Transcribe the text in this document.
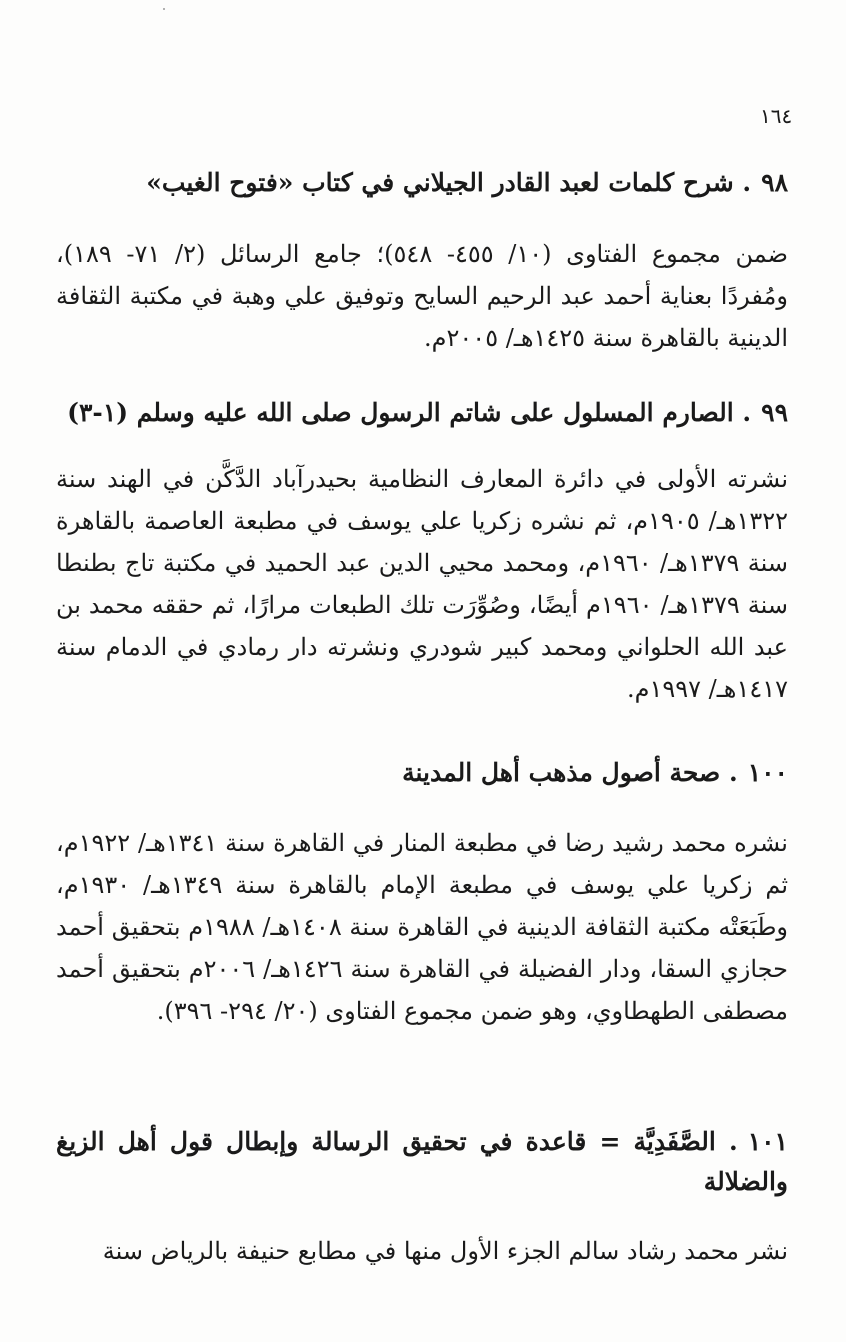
١٦٤
٩٨. شرح كلمات لعبد القادر الجيلاني في كتاب «فتوح الغيب»
ضمن مجموع الفتاوى (١٠/ ٤٥٥- ٥٤٨)؛ جامع الرسائل (٢/ ٧١- ١٨٩)، ومُفردًا بعناية أحمد عبد الرحيم السايح وتوفيق علي وهبة في مكتبة الثقافة الدينية بالقاهرة سنة ١٤٢٥هـ/ ٢٠٠٥م.
٩٩. الصارم المسلول على شاتم الرسول صلى الله عليه وسلم (١-٣)
نشرته الأولى في دائرة المعارف النظامية بحيدرآباد الدَّكَّن في الهند سنة ١٣٢٢هـ/ ١٩٠٥م، ثم نشره زكريا علي يوسف في مطبعة العاصمة بالقاهرة سنة ١٣٧٩هـ/ ١٩٦٠م، ومحمد محيي الدين عبد الحميد في مكتبة تاج بطنطا سنة ١٣٧٩هـ/ ١٩٦٠م أيضًا، وصُوِّرَت تلك الطبعات مرارًا، ثم حققه محمد بن عبد الله الحلواني ومحمد كبير شودري ونشرته دار رمادي في الدمام سنة ١٤١٧هـ/ ١٩٩٧م.
١٠٠. صحة أصول مذهب أهل المدينة
نشره محمد رشيد رضا في مطبعة المنار في القاهرة سنة ١٣٤١هـ/ ١٩٢٢م، ثم زكريا علي يوسف في مطبعة الإمام بالقاهرة سنة ١٣٤٩هـ/ ١٩٣٠م، وطَبَعَتْه مكتبة الثقافة الدينية في القاهرة سنة ١٤٠٨هـ/ ١٩٨٨م بتحقيق أحمد حجازي السقا، ودار الفضيلة في القاهرة سنة ١٤٢٦هـ/ ٢٠٠٦م بتحقيق أحمد مصطفى الطهطاوي، وهو ضمن مجموع الفتاوى (٢٠/ ٢٩٤- ٣٩٦).
١٠١. الصَّفَدِيَّة = قاعدة في تحقيق الرسالة وإبطال قول أهل الزيغ والضلالة
نشر محمد رشاد سالم الجزء الأول منها في مطابع حنيفة بالرياض سنة
